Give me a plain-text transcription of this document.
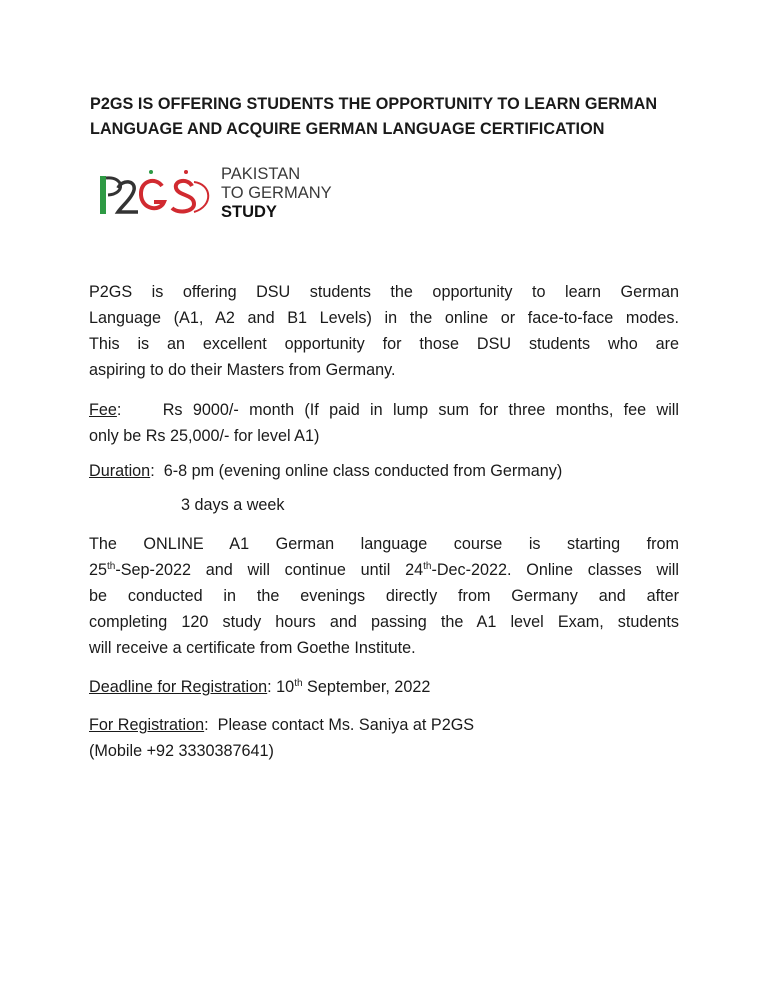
P2GS IS OFFERING STUDENTS THE OPPORTUNITY TO LEARN GERMAN
LANGUAGE AND ACQUIRE GERMAN LANGUAGE CERTIFICATION
PAKISTAN
TO GERMANY
STUDY
P2GS is offering DSU students the opportunity to learn German
Language (A1, A2 and B1 Levels) in the online or face-to-face modes.
This is an excellent opportunity for those DSU students who are
aspiring to do their Masters from Germany.
Fee:	Rs 9000/- month (If paid in lump sum for three months, fee will
only be Rs 25,000/- for level A1)
Duration: 6-8 pm (evening online class conducted from Germany)
3 days a week
The ONLINE A1 German language course is starting from
25th-Sep-2022 and will continue until 24th-Dec-2022. Online classes will
be conducted in the evenings directly from Germany and after
completing 120 study hours and passing the A1 level Exam, students
will receive a certificate from Goethe Institute.
Deadline for Registration: 10th September, 2022
For Registration:  Please contact Ms. Saniya at P2GS
(Mobile +92 3330387641)
